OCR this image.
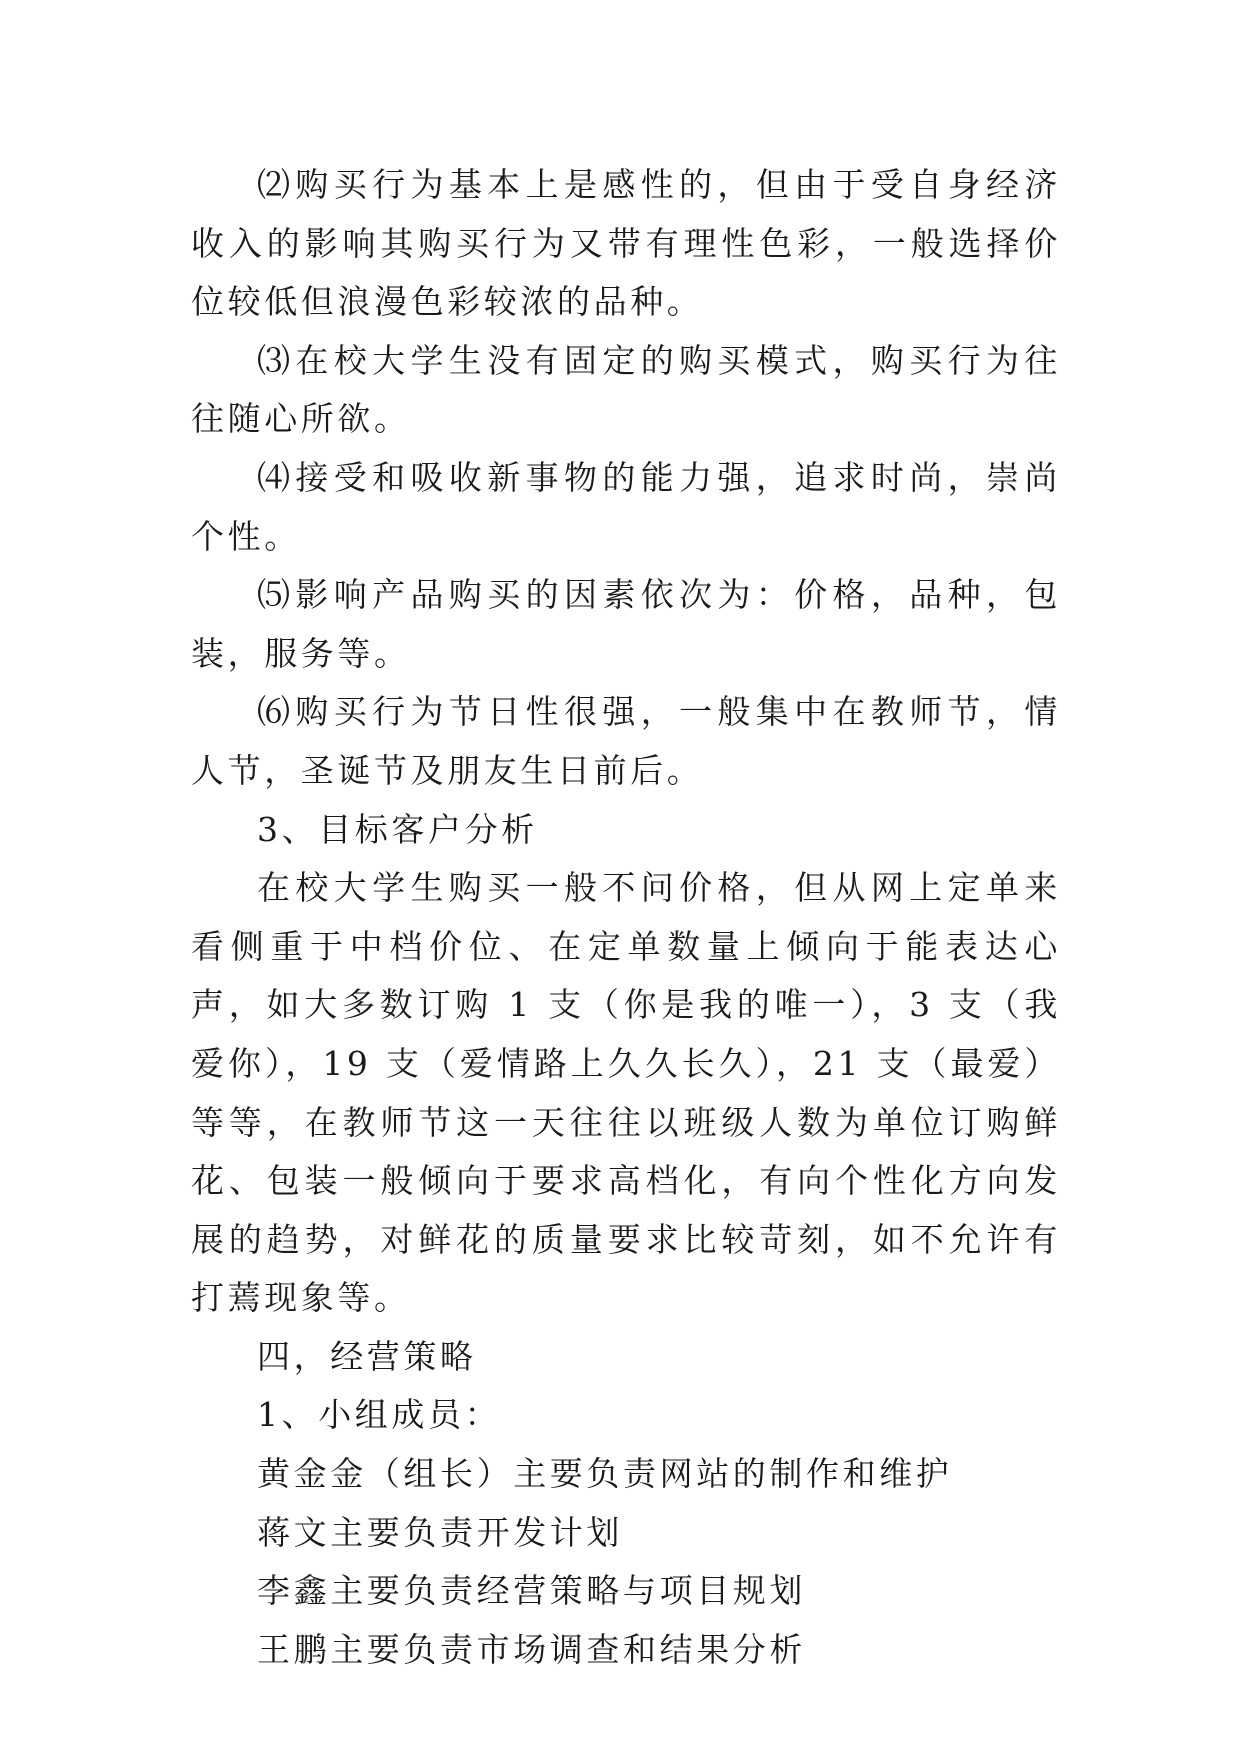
⑵购买行为基本上是感性的，但由于受自身经济收入的影响其购买行为又带有理性色彩，一般选择价位较低但浪漫色彩较浓的品种。

⑶在校大学生没有固定的购买模式，购买行为往往随心所欲。

⑷接受和吸收新事物的能力强，追求时尚，崇尚个性。

⑸影响产品购买的因素依次为：价格，品种，包装，服务等。

⑹购买行为节日性很强，一般集中在教师节，情人节，圣诞节及朋友生日前后。

3、目标客户分析

在校大学生购买一般不问价格，但从网上定单来看侧重于中档价位、在定单数量上倾向于能表达心声，如大多数订购 1 支（你是我的唯一），3 支（我爱你），19 支（爱情路上久久长久），21 支（最爱）等等，在教师节这一天往往以班级人数为单位订购鲜花、包装一般倾向于要求高档化，有向个性化方向发展的趋势，对鲜花的质量要求比较苛刻，如不允许有打蔫现象等。

四，经营策略

1、小组成员：

黄金金（组长）主要负责网站的制作和维护

蒋文主要负责开发计划

李鑫主要负责经营策略与项目规划

王鹏主要负责市场调查和结果分析
